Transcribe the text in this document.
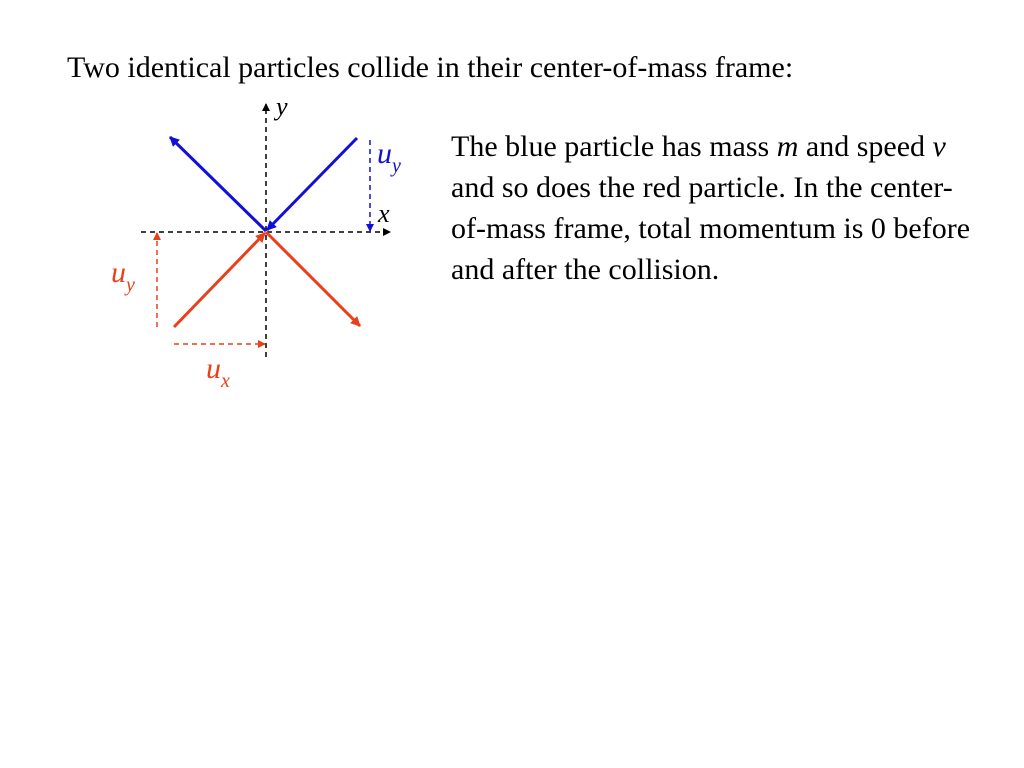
Two identical particles collide in their center-of-mass frame:
The blue particle has mass m and speed v and so does the red particle. In the center-of-mass frame, total momentum is 0 before and after the collision.
y
x
$u_y$
$u_y$
$u_x$
